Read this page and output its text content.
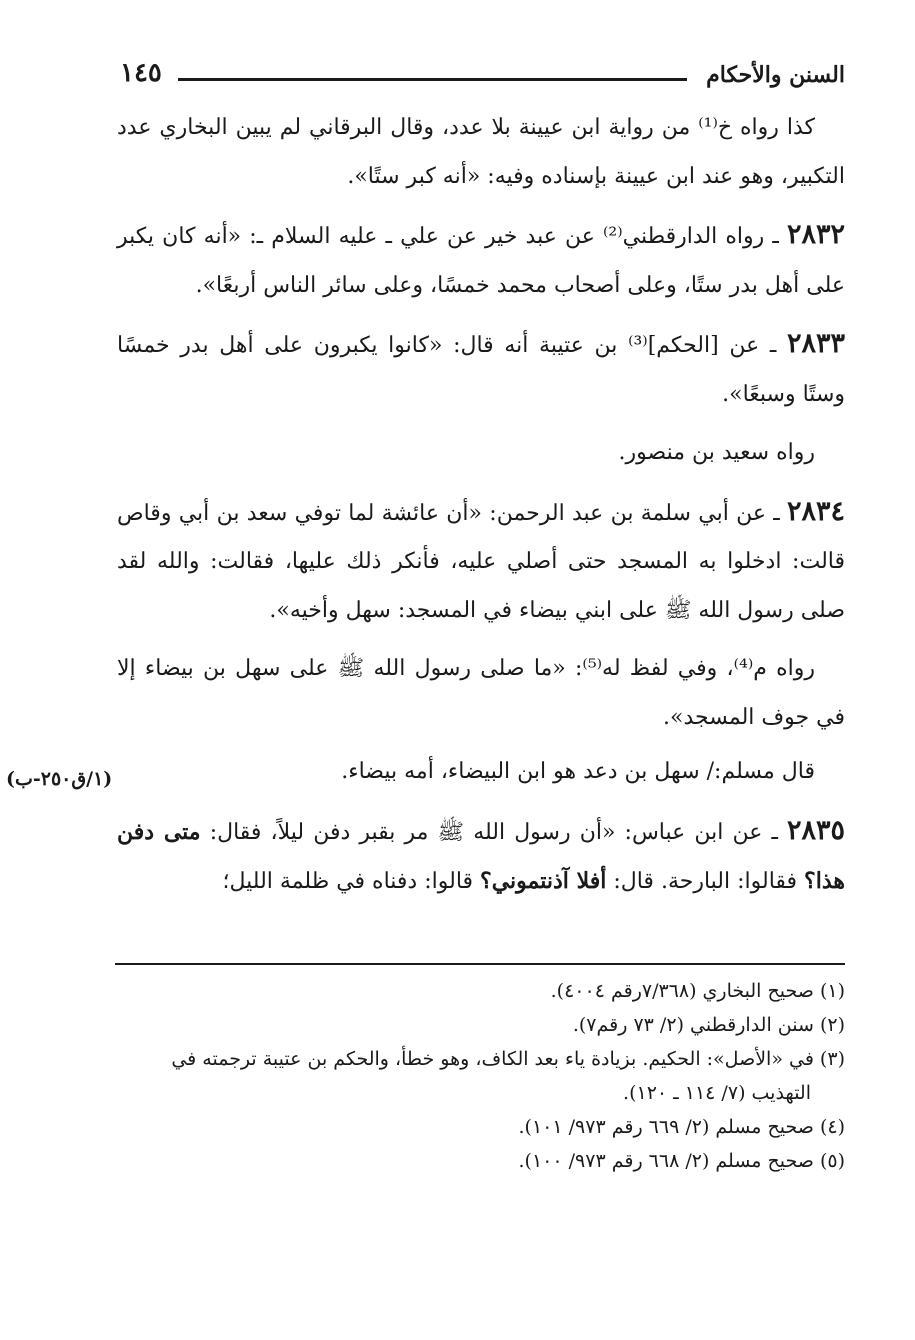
السنن والأحكام
١٤٥

كذا رواه خ⁽¹⁾ من رواية ابن عيينة بلا عدد، وقال البرقاني لم يبين البخاري عدد التكبير، وهو عند ابن عيينة بإسناده وفيه: «أنه كبر ستًا».

٢٨٣٢ ـ رواه الدارقطني⁽²⁾ عن عبد خير عن علي ـ عليه السلام ـ: «أنه كان يكبر على أهل بدر ستًا، وعلى أصحاب محمد خمسًا، وعلى سائر الناس أربعًا».

٢٨٣٣ ـ عن [الحكم]⁽³⁾ بن عتيبة أنه قال: «كانوا يكبرون على أهل بدر خمسًا وستًا وسبعًا».

رواه سعيد بن منصور.

٢٨٣٤ ـ عن أبي سلمة بن عبد الرحمن: «أن عائشة لما توفي سعد بن أبي وقاص قالت: ادخلوا به المسجد حتى أصلي عليه، فأنكر ذلك عليها، فقالت: والله لقد صلى رسول الله ﷺ على ابني بيضاء في المسجد: سهل وأخيه».

رواه م⁽⁴⁾، وفي لفظ له⁽⁵⁾: «ما صلى رسول الله ﷺ على سهل بن بيضاء إلا في جوف المسجد».

قال مسلم:/ سهل بن دعد هو ابن البيضاء، أمه بيضاء.

٢٨٣٥ ـ عن ابن عباس: «أن رسول الله ﷺ مر بقبر دفن ليلاً، فقال: متى دفن هذا؟ فقالوا: البارحة. قال: أفلا آذنتموني؟ قالوا: دفناه في ظلمة الليل؛

(١/ق٢٥٠-ب)

(١) صحيح البخاري (٧/٣٦٨رقم ٤٠٠٤).

(٢) سنن الدارقطني (٢/ ٧٣ رقم٧).

(٣) في «الأصل»: الحكيم. بزيادة ياء بعد الكاف، وهو خطأ، والحكم بن عتيبة ترجمته في

التهذيب (٧/ ١١٤ ـ ١٢٠).

(٤) صحيح مسلم (٢/ ٦٦٩ رقم ٩٧٣/ ١٠١).

(٥) صحيح مسلم (٢/ ٦٦٨ رقم ٩٧٣/ ١٠٠).
